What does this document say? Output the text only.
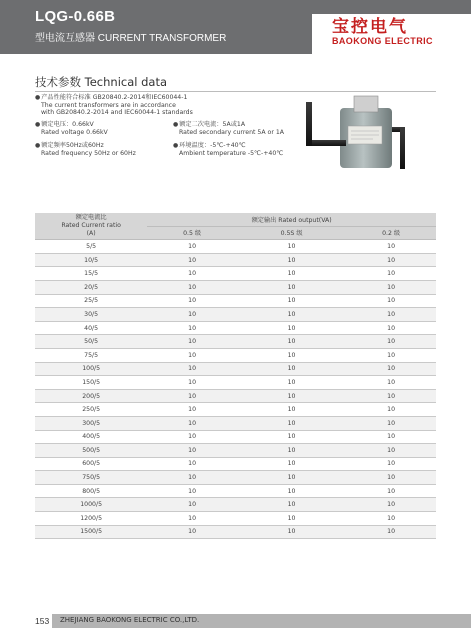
LQG-0.66B
型电流互感器 CURRENT TRANSFORMER
宝控电气
BAOKONG ELECTRIC
技术参数 Technical data
●产品性能符合标准 GB20840.2-2014和IEC60044-1
The current transformers are in accordance
with GB20840.2-2014 and IEC60044-1 standards
●额定电压：0.66kV
Rated voltage 0.66kV
●额定二次电流：5A或1A
Rated secondary current 5A or 1A
●额定频率50Hz或60Hz
Rated frequency 50Hz or 60Hz
●环境温度：-5℃-+40℃
Ambient temperature -5℃-+40℃
额定电流比
Rated Current ratio
(A)	额定输出 Rated output(VA)		
	0.5 级	0.5S 级	0.2 级
5/5	10	10	10
10/5	10	10	10
15/5	10	10	10
20/5	10	10	10
25/5	10	10	10
30/5	10	10	10
40/5	10	10	10
50/5	10	10	10
75/5	10	10	10
100/5	10	10	10
150/5	10	10	10
200/5	10	10	10
250/5	10	10	10
300/5	10	10	10
400/5	10	10	10
500/5	10	10	10
600/5	10	10	10
750/5	10	10	10
800/5	10	10	10
1000/5	10	10	10
1200/5	10	10	10
1500/5	10	10	10
153 ZHEJIANG BAOKONG ELECTRIC CO.,LTD.
